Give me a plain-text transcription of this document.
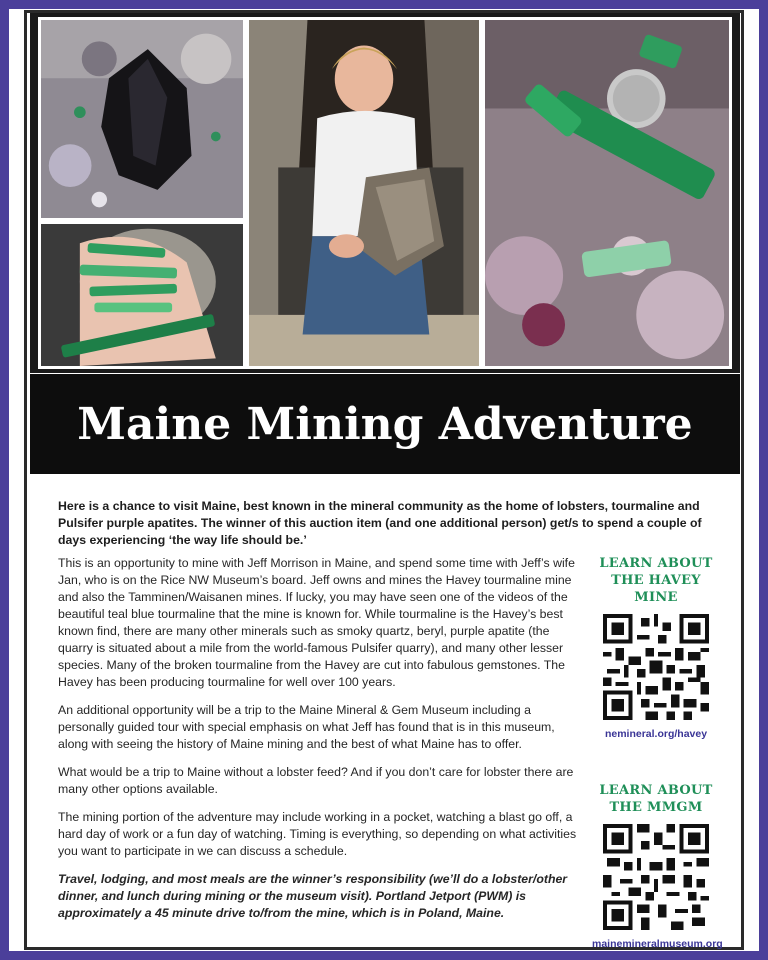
Maine Mining Adventure

Here is a chance to visit Maine, best known in the mineral community as the home of lobsters, tourmaline and Pulsifer purple apatites. The winner of this auction item (and one additional person) get/s to spend a couple of days experiencing ‘the way life should be.’

This is an opportunity to mine with Jeff Morrison in Maine, and spend some time with Jeff’s wife Jan, who is on the Rice NW Museum’s board. Jeff owns and mines the Havey tourmaline mine and also the Tamminen/Waisanen mines. If lucky, you may have seen one of the videos of the beautiful teal blue tourmaline that the mine is known for. While tourmaline is the Havey’s best known find, there are many other minerals such as smoky quartz, beryl, purple apatite (the quarry is situated about a mile from the world-famous Pulsifer quarry), and many other lesser species. Many of the broken tourmaline from the Havey are cut into fabulous gemstones. The Havey has been producing tourmaline for well over 100 years.

An additional opportunity will be a trip to the Maine Mineral & Gem Museum including a personally guided tour with special emphasis on what Jeff has found that is in this museum, along with seeing the history of Maine mining and the best of what Maine has to offer.

What would be a trip to Maine without a lobster feed? And if you don’t care for lobster there are many other options available.

The mining portion of the adventure may include working in a pocket, watching a blast go off, a hard day of work or a fun day of watching. Timing is everything, so depending on what activities you want to participate in we can discuss a schedule.

Travel, lodging, and most meals are the winner’s responsibility (we’ll do a lobster/other dinner, and lunch during mining or the museum visit). Portland Jetport (PWM) is approximately a 45 minute drive to/from the mine, which is in Poland, Maine.

LEARN ABOUT

THE HAVEY MINE

nemineral.org/havey

LEARN ABOUT

THE MMGM

mainemineralmuseum.org
